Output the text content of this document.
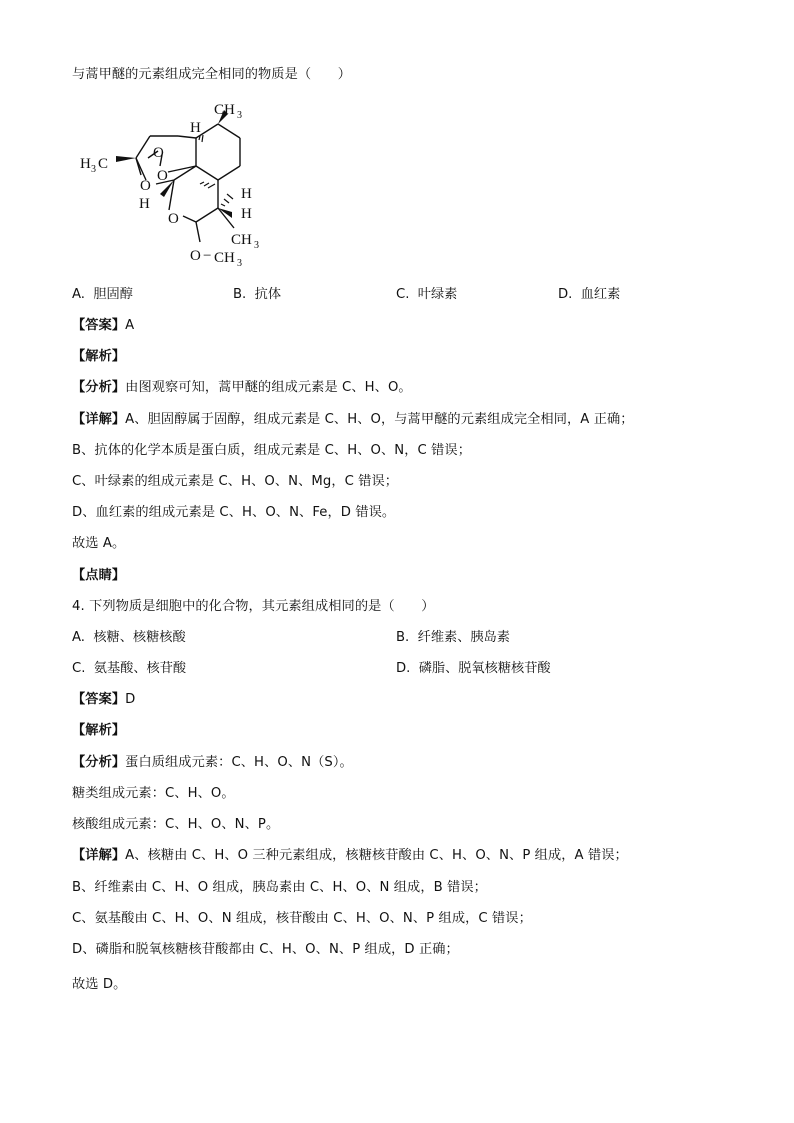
与蒿甲醚的元素组成完全相同的物质是（　　）
CH 3
H
H 3 C
O
O
O
H
O
H
H
CH 3
O − CH 3
A. 胆固醇	B. 抗体	C. 叶绿素	D. 血红素
【答案】A
【解析】
【分析】由图观察可知，蒿甲醚的组成元素是 C、H、O。
【详解】A、胆固醇属于固醇，组成元素是 C、H、O，与蒿甲醚的元素组成完全相同，A 正确；
B、抗体的化学本质是蛋白质，组成元素是 C、H、O、N，C 错误；
C、叶绿素的组成元素是 C、H、O、N、Mg，C 错误；
D、血红素的组成元素是 C、H、O、N、Fe，D 错误。
故选 A。
【点睛】
4. 下列物质是细胞中的化合物，其元素组成相同的是（　　）
A. 核糖、核糖核酸	B. 纤维素、胰岛素
C. 氨基酸、核苷酸	D. 磷脂、脱氧核糖核苷酸
【答案】D
【解析】
【分析】蛋白质组成元素：C、H、O、N（S）。
糖类组成元素：C、H、O。
核酸组成元素：C、H、O、N、P。
【详解】A、核糖由 C、H、O 三种元素组成，核糖核苷酸由 C、H、O、N、P 组成，A 错误；
B、纤维素由 C、H、O 组成，胰岛素由 C、H、O、N 组成，B 错误；
C、氨基酸由 C、H、O、N 组成，核苷酸由 C、H、O、N、P 组成，C 错误；
D、磷脂和脱氧核糖核苷酸都由 C、H、O、N、P 组成，D 正确；
故选 D。
